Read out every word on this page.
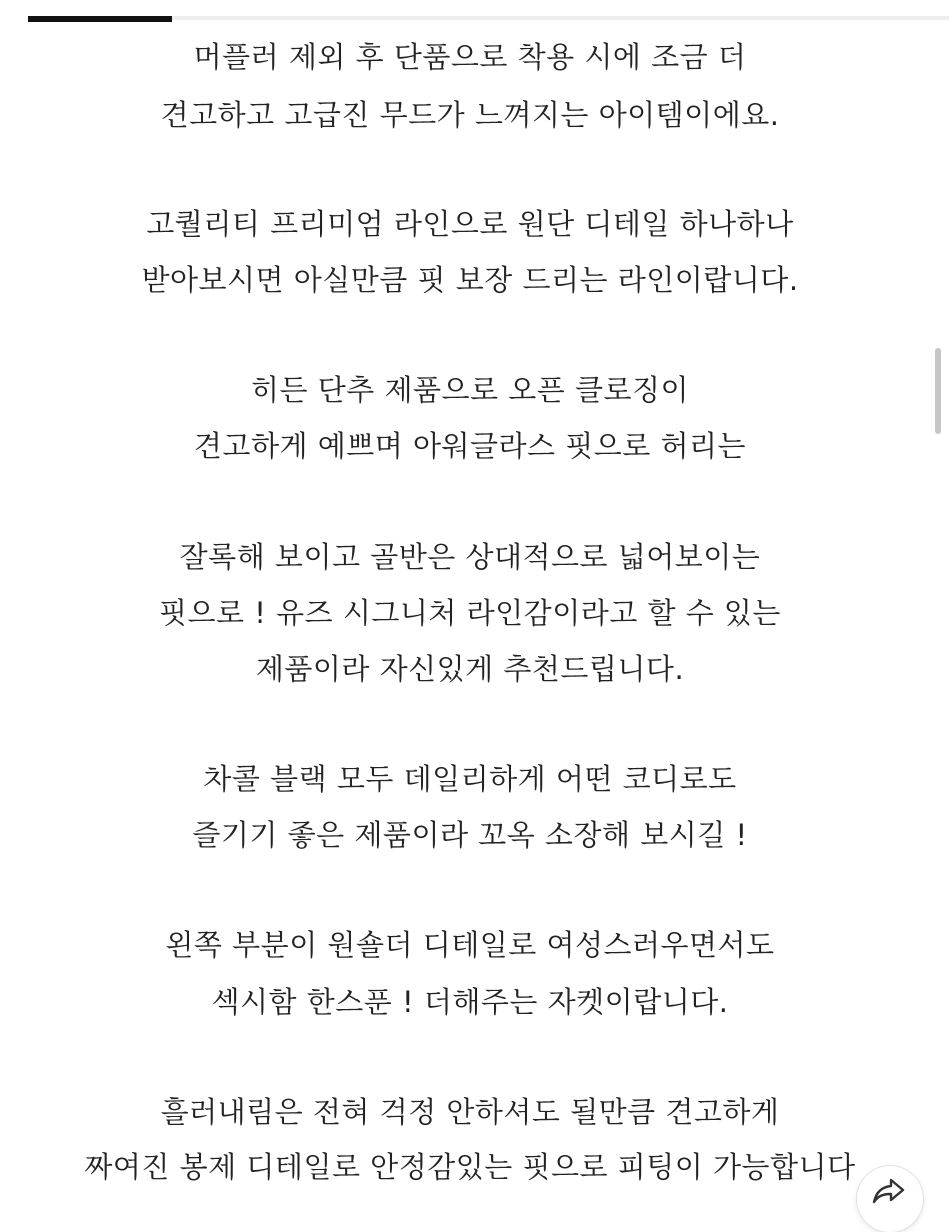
머플러 제외 후 단품으로 착용 시에 조금 더
견고하고 고급진 무드가 느껴지는 아이템이에요.
고퀄리티 프리미엄 라인으로 원단 디테일 하나하나
받아보시면 아실만큼 핏 보장 드리는 라인이랍니다.
히든 단추 제품으로 오픈 클로징이
견고하게 예쁘며 아워글라스 핏으로 허리는
잘록해 보이고 골반은 상대적으로 넓어보이는
핏으로 ! 유즈 시그니처 라인감이라고 할 수 있는
제품이라 자신있게 추천드립니다.
차콜 블랙 모두 데일리하게 어떤 코디로도
즐기기 좋은 제품이라 꼬옥 소장해 보시길 !
왼쪽 부분이 원숄더 디테일로 여성스러우면서도
섹시함 한스푼 ! 더해주는 자켓이랍니다.
흘러내림은 전혀 걱정 안하셔도 될만큼 견고하게
짜여진 봉제 디테일로 안정감있는 핏으로 피팅이 가능합니다
